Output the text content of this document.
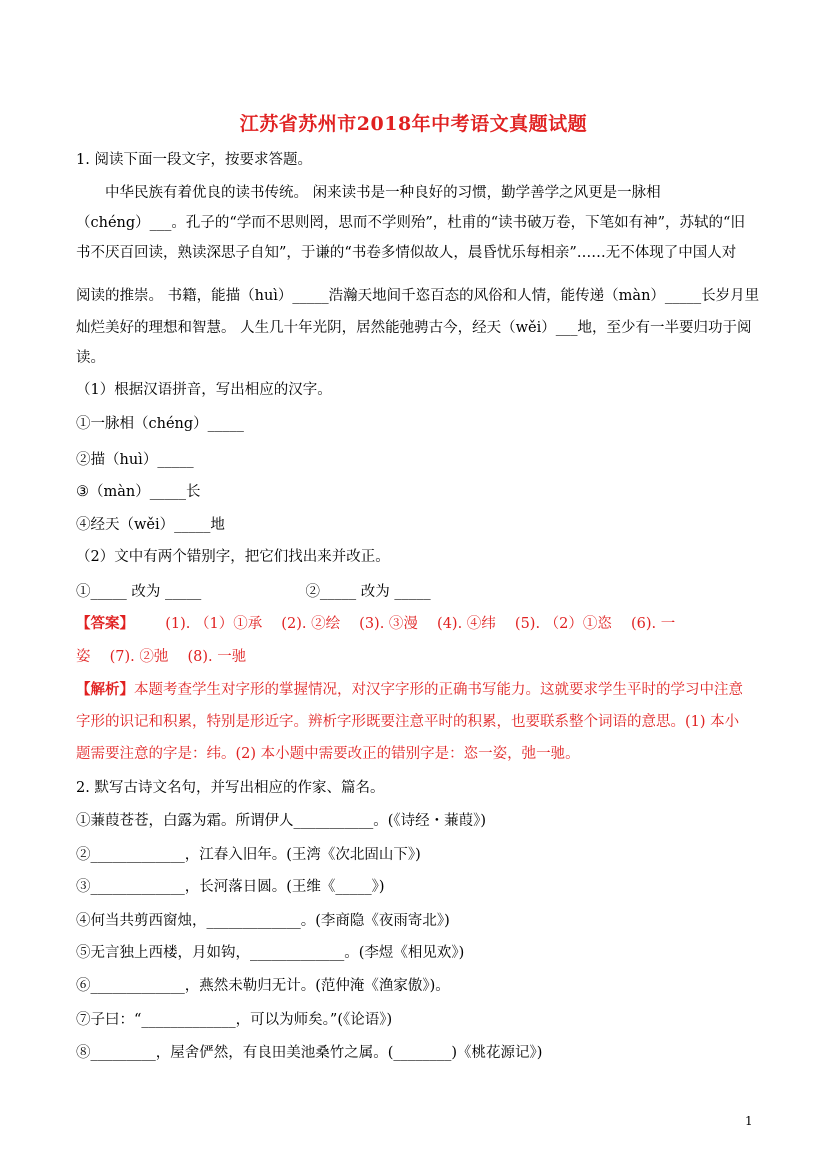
江苏省苏州市2018年中考语文真题试题
1. 阅读下面一段文字，按要求答题。
中华民族有着优良的读书传统。 闲来读书是一种良好的习惯，勤学善学之风更是一脉相
（chéng）___。孔子的“学而不思则罔，思而不学则殆”，杜甫的“读书破万卷，下笔如有神”，苏轼的“旧
书不厌百回读，熟读深思子自知”，于谦的“书卷多情似故人，晨昏忧乐每相亲”……无不体现了中国人对
阅读的推崇。 书籍，能描（huì）_____浩瀚天地间千恣百态的风俗和人情，能传递（màn）_____长岁月里
灿烂美好的理想和智慧。 人生几十年光阴，居然能弛骋古今，经天（wěi）___地，至少有一半要归功于阅
读。
（1）根据汉语拼音，写出相应的汉字。
①一脉相（chéng）_____
②描（huì）_____
③（màn）_____长
④经天（wěi）_____地
（2）文中有两个错别字，把它们找出来并改正。
①_____ 改为 _____	②_____ 改为 _____
【答案】 (1). （1）①承　 (2). ②绘　 (3). ③漫　 (4). ④纬　 (5). （2）①恣　 (6). 一
姿　 (7). ②弛　 (8). 一驰
【解析】本题考查学生对字形的掌握情况，对汉字字形的正确书写能力。这就要求学生平时的学习中注意
字形的识记和积累，特别是形近字。辨析字形既要注意平时的积累，也要联系整个词语的意思。(1) 本小
题需要注意的字是：纬。(2) 本小题中需要改正的错别字是：恣一姿，弛一驰。
2. 默写古诗文名句，并写出相应的作家、篇名。
①蒹葭苍苍，白露为霜。所谓伊人___________。(《诗经・蒹葭》)
②_____________，江春入旧年。(王湾《次北固山下》)
③_____________，长河落日圆。(王维《_____》)
④何当共剪西窗烛，_____________。(李商隐《夜雨寄北》)
⑤无言独上西楼，月如钩，_____________。(李煜《相见欢》)
⑥_____________，燕然未勒归无计。(范仲淹《渔家傲》)。
⑦子曰：“_____________，可以为师矣。”(《论语》)
⑧_________，屋舍俨然，有良田美池桑竹之属。(________)《桃花源记》)
1
